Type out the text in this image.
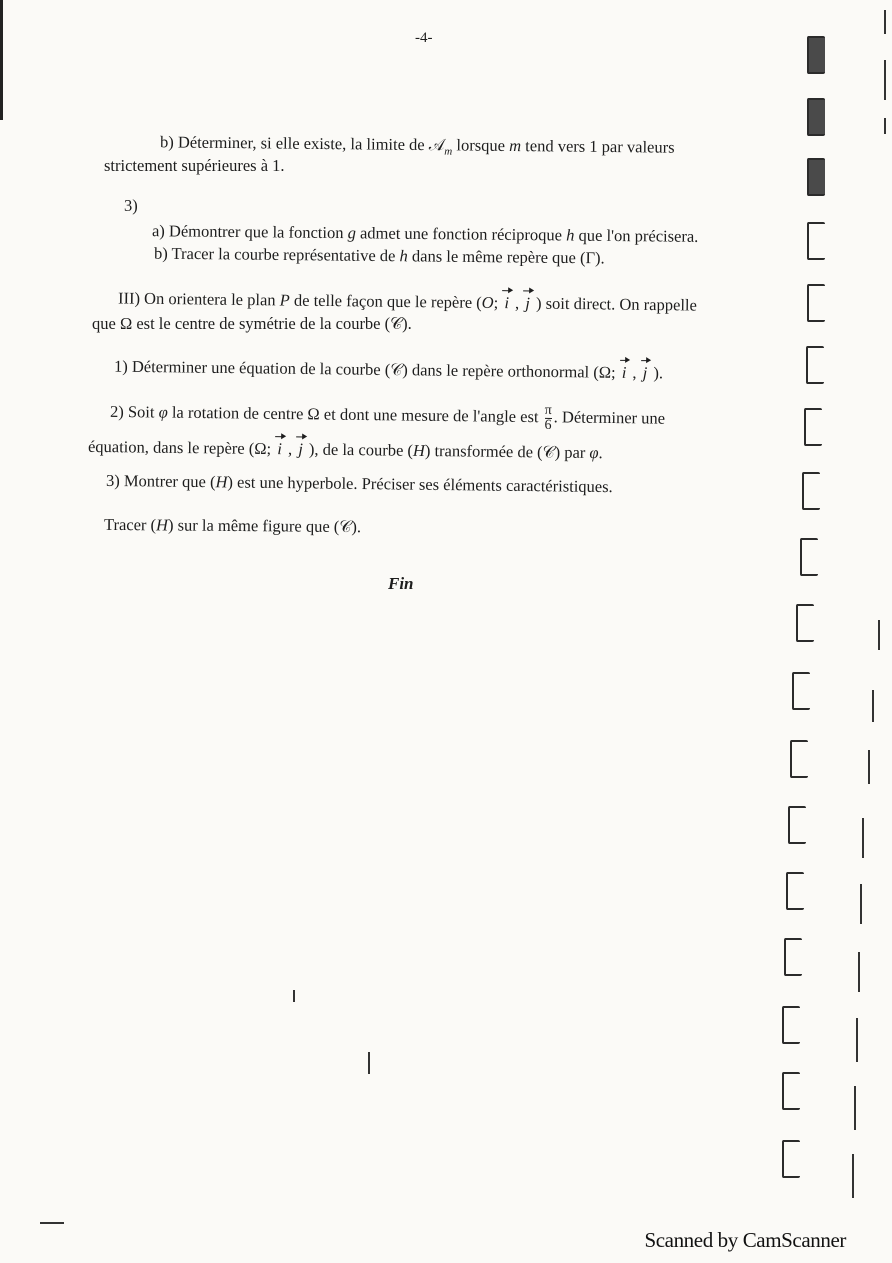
-4-
b) Déterminer, si elle existe, la limite de 𝒜$_m$ lorsque m tend vers 1 par valeurs
strictement supérieures à 1.
3)
a) Démontrer que la fonction g admet une fonction réciproque h que l'on précisera.
b) Tracer la courbe représentative de h dans le même repère que (Γ).
III) On orientera le plan P de telle façon que le repère (O; i , j ) soit direct. On rappelle
que Ω est le centre de symétrie de la courbe (𝒞).
1) Déterminer une équation de la courbe (𝒞) dans le repère orthonormal (Ω; i , j ).
2) Soit φ la rotation de centre Ω et dont une mesure de l'angle est $\frac{\pi}{6}$ . Déterminer une
équation, dans le repère (Ω; i , j ), de la courbe (H) transformée de (𝒞) par φ.
3) Montrer que (H) est une hyperbole. Préciser ses éléments caractéristiques.
Tracer (H) sur la même figure que (𝒞).
Fin
Scanned by CamScanner
